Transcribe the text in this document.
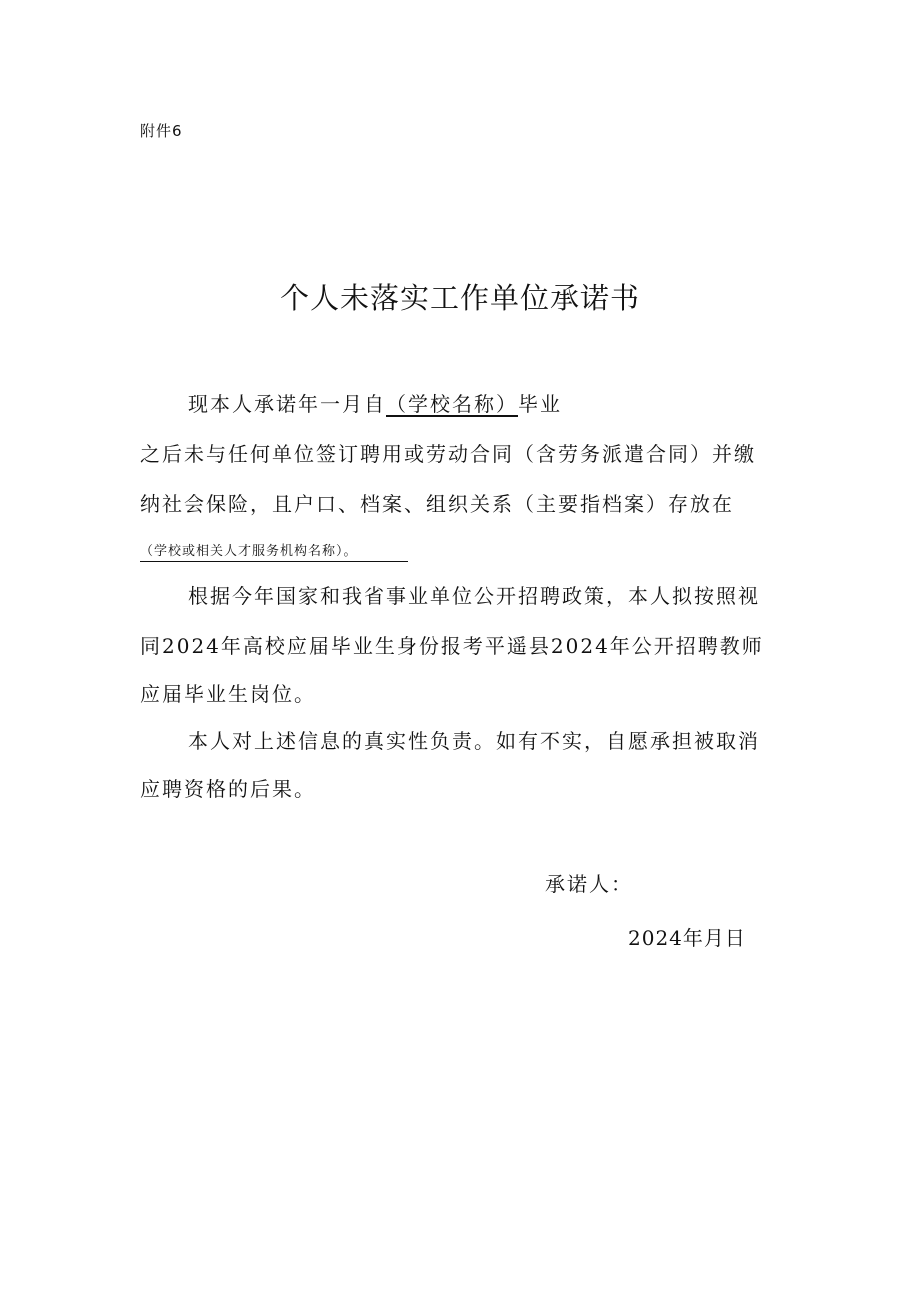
附件6
个人未落实工作单位承诺书
现本人承诺年一月自（学校名称）毕业
之后未与任何单位签订聘用或劳动合同（含劳务派遣合同）并缴
纳社会保险，且户口、档案、组织关系（主要指档案）存放在
（学校或相关人才服务机构名称）。
根据今年国家和我省事业单位公开招聘政策，本人拟按照视
同2024年高校应届毕业生身份报考平遥县2024年公开招聘教师
应届毕业生岗位。
本人对上述信息的真实性负责。如有不实，自愿承担被取消
应聘资格的后果。
承诺人：
2024年月日
